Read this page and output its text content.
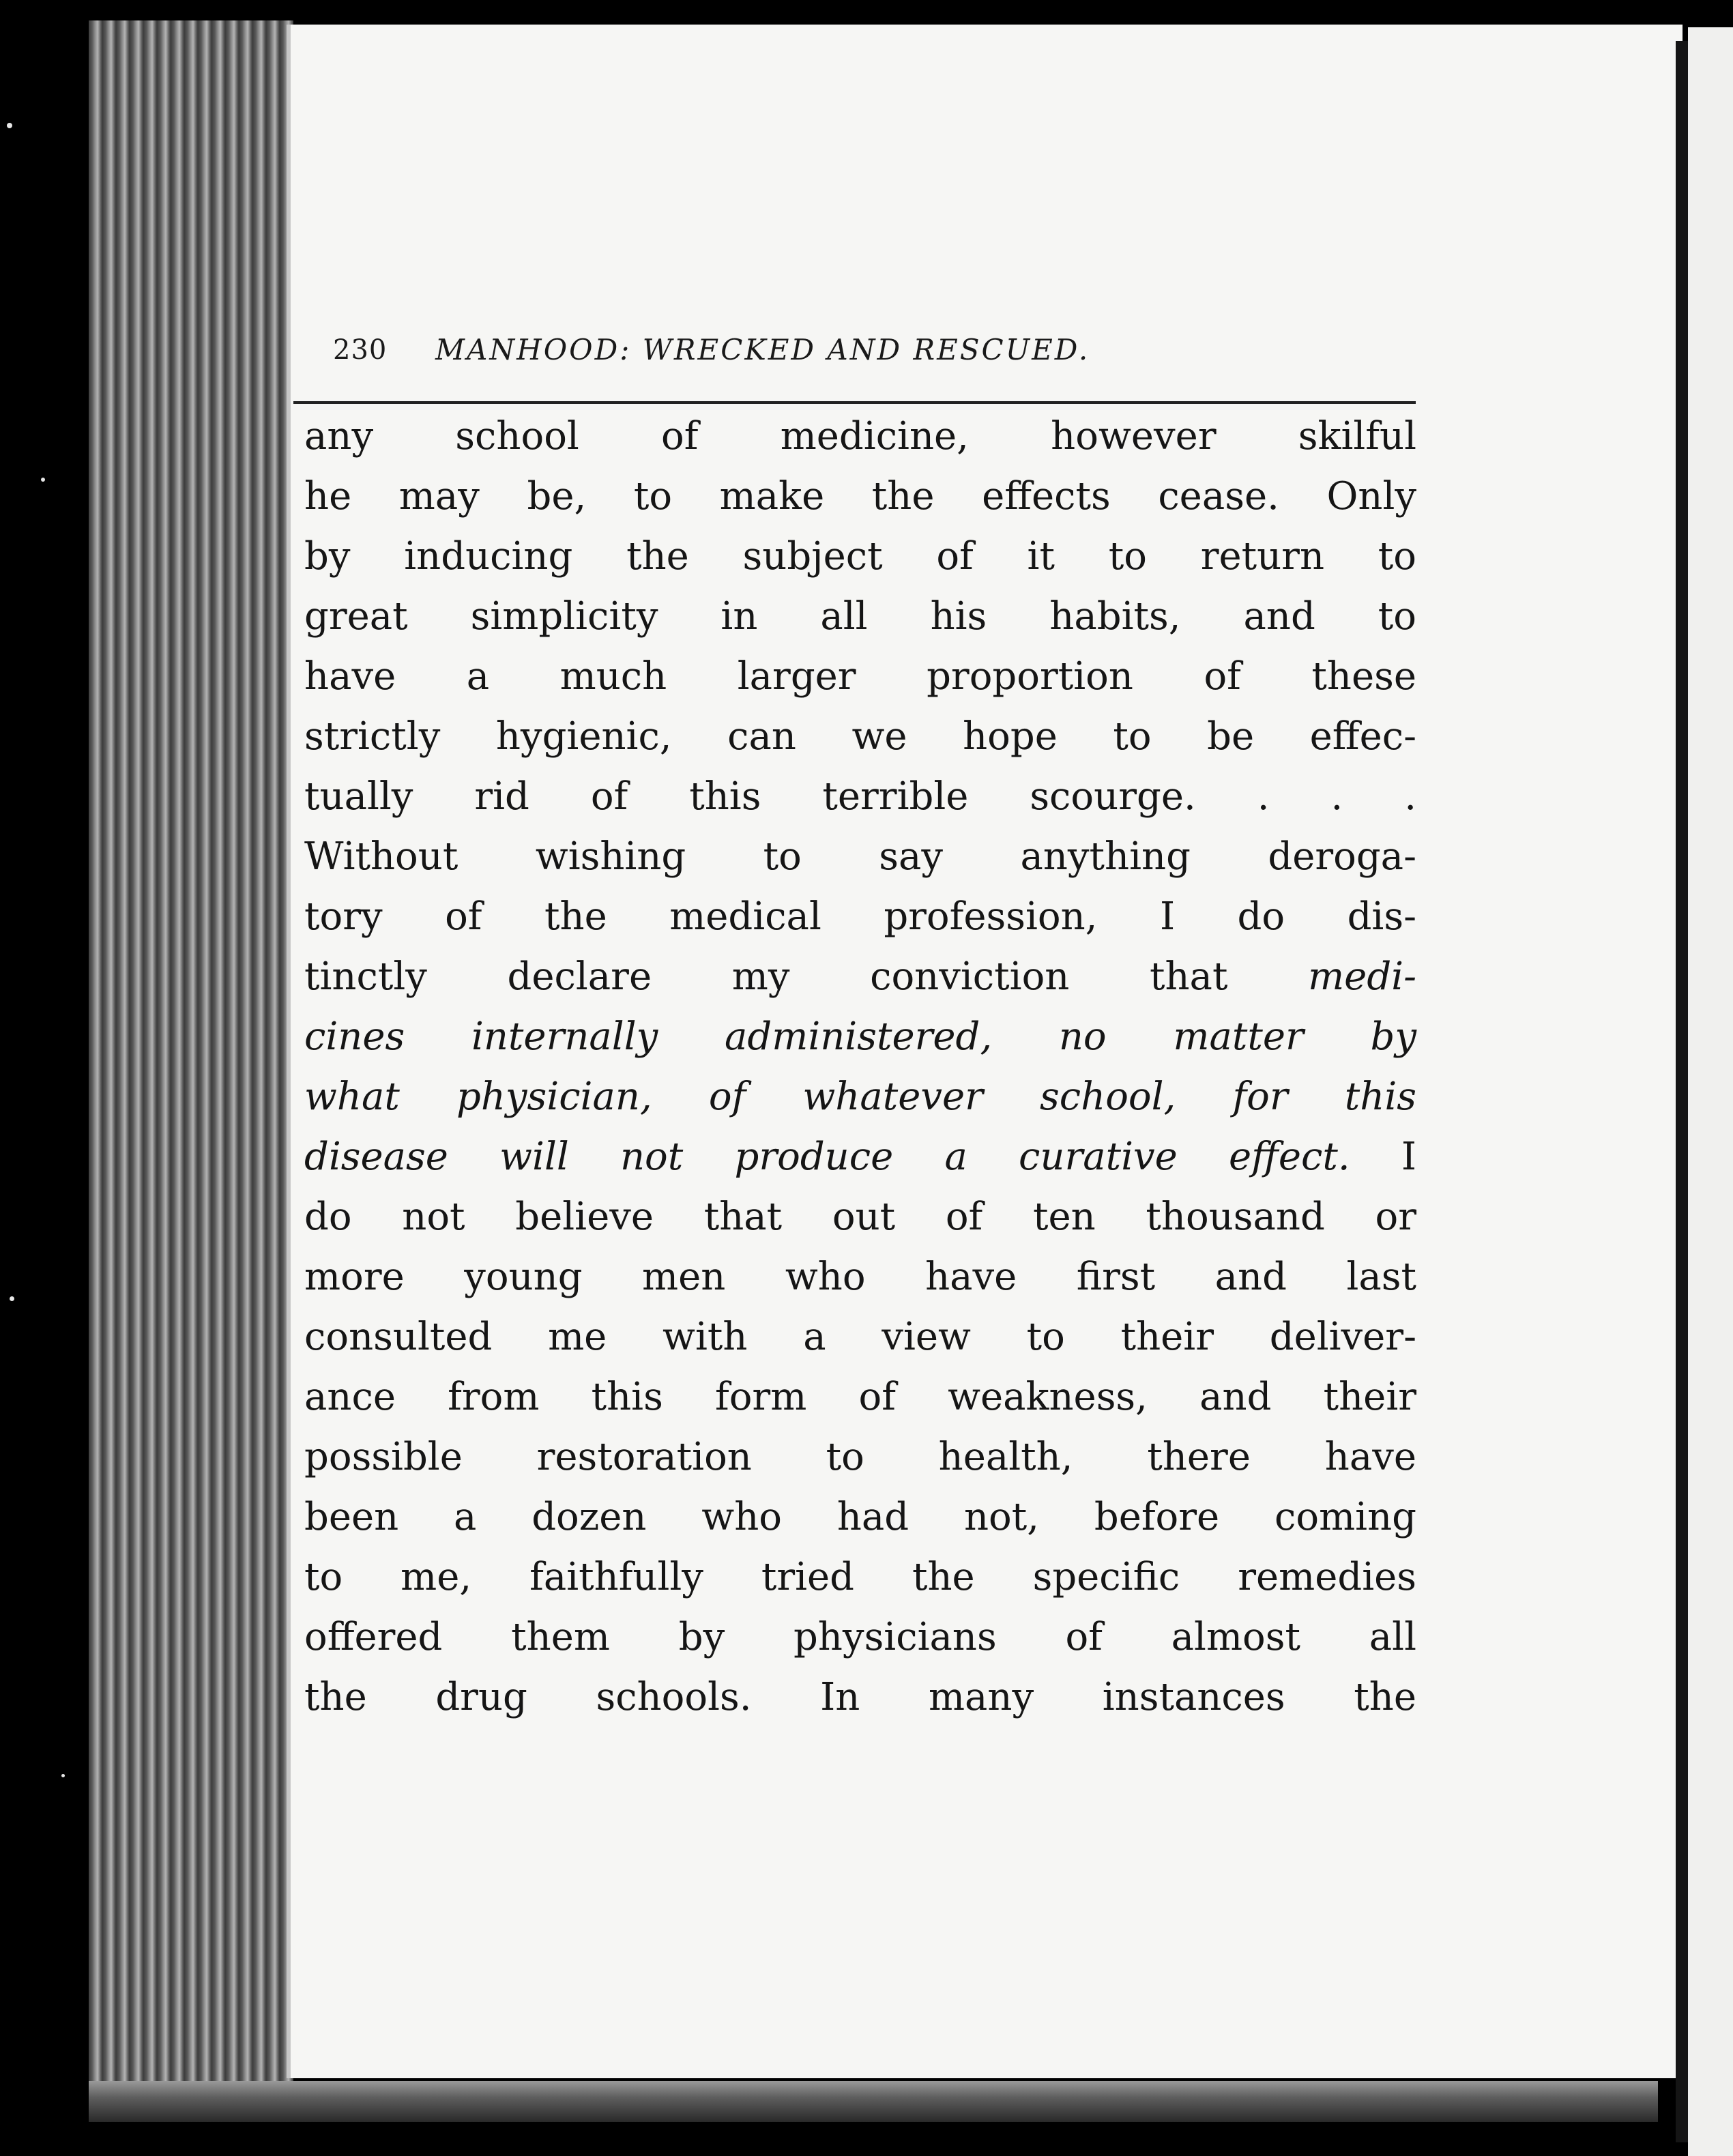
230 MANHOOD: WRECKED AND RESCUED.
any school of medicine, however skilful
he may be, to make the effects cease. Only
by inducing the subject of it to return to
great simplicity in all his habits, and to
have a much larger proportion of these
strictly hygienic, can we hope to be effec-
tually rid of this terrible scourge. . . .
Without wishing to say anything deroga-
tory of the medical profession, I do dis-
tinctly declare my conviction that medi-
cines internally administered, no matter by
what physician, of whatever school, for this
disease will not produce a curative effect. I
do not believe that out of ten thousand or
more young men who have first and last
consulted me with a view to their deliver-
ance from this form of weakness, and their
possible restoration to health, there have
been a dozen who had not, before coming
to me, faithfully tried the specific remedies
offered them by physicians of almost all
the drug schools. In many instances the
